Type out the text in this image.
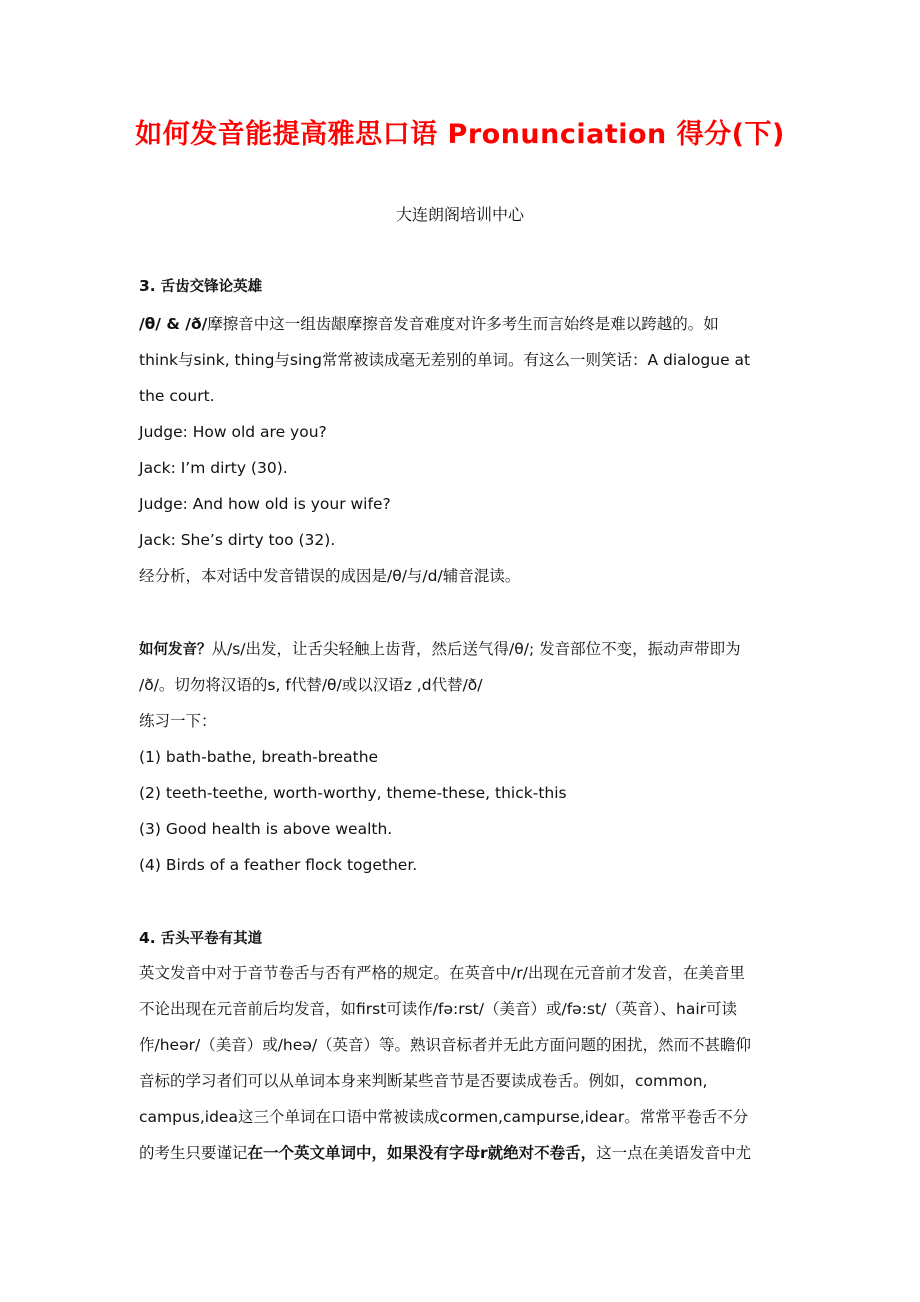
如何发音能提高雅思口语 Pronunciation 得分(下)
大连朗阁培训中心
3. 舌齿交锋论英雄
/θ/ & /ð/摩擦音中这一组齿龈摩擦音发音难度对许多考生而言始终是难以跨越的。如
think与sink, thing与sing常常被读成毫无差别的单词。有这么一则笑话：A dialogue at
the court.
Judge: How old are you?
Jack: I’m dirty (30).
Judge: And how old is your wife?
Jack: She’s dirty too (32).
经分析，本对话中发音错误的成因是/θ/与/d/辅音混读。
如何发音？从/s/出发，让舌尖轻触上齿背，然后送气得/θ/; 发音部位不变，振动声带即为
/ð/。切勿将汉语的s, f代替/θ/或以汉语z ,d代替/ð/
练习一下：
(1) bath-bathe, breath-breathe
(2) teeth-teethe, worth-worthy, theme-these, thick-this
(3) Good health is above wealth.
(4) Birds of a feather flock together.
4. 舌头平卷有其道
英文发音中对于音节卷舌与否有严格的规定。在英音中/r/出现在元音前才发音，在美音里
不论出现在元音前后均发音，如first可读作/fə:rst/（美音）或/fə:st/（英音）、hair可读
作/heər/（美音）或/heə/（英音）等。熟识音标者并无此方面问题的困扰，然而不甚瞻仰
音标的学习者们可以从单词本身来判断某些音节是否要读成卷舌。例如，common,
campus,idea这三个单词在口语中常被读成cormen,campurse,idear。常常平卷舌不分
的考生只要谨记在一个英文单词中，如果没有字母r就绝对不卷舌，这一点在美语发音中尤
